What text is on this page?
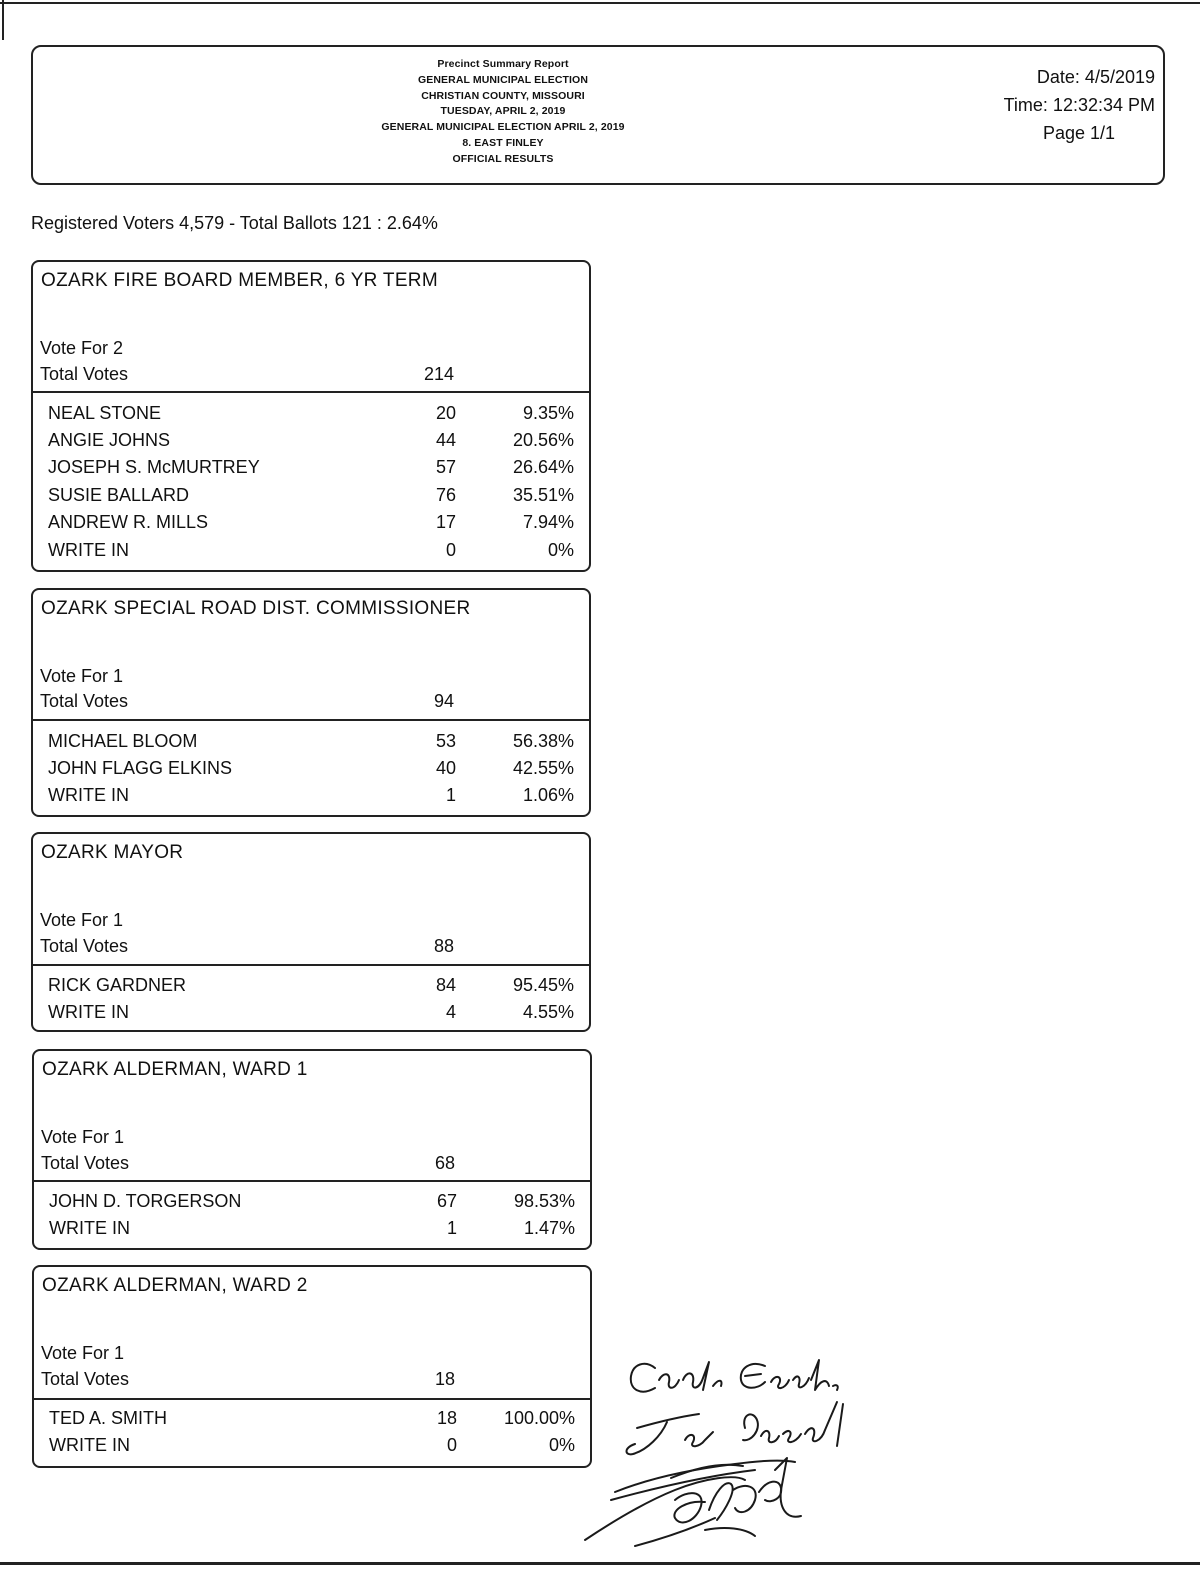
Precinct Summary Report
GENERAL MUNICIPAL ELECTION
CHRISTIAN COUNTY, MISSOURI
TUESDAY, APRIL 2, 2019
GENERAL MUNICIPAL ELECTION APRIL 2, 2019
8. EAST FINLEY
OFFICIAL RESULTS
Date: 4/5/2019
Time: 12:32:34 PM
Page 1/1
Registered Voters 4,579 - Total Ballots 121 : 2.64%
OZARK FIRE BOARD MEMBER, 6 YR TERM
Vote For 2
Total Votes	214
NEAL STONE	20	9.35%
ANGIE JOHNS	44	20.56%
JOSEPH S. McMURTREY	57	26.64%
SUSIE BALLARD	76	35.51%
ANDREW R. MILLS	17	7.94%
WRITE IN	0	0%
OZARK SPECIAL ROAD DIST. COMMISSIONER
Vote For 1
Total Votes	94
MICHAEL BLOOM	53	56.38%
JOHN FLAGG ELKINS	40	42.55%
WRITE IN	1	1.06%
OZARK MAYOR
Vote For 1
Total Votes	88
RICK GARDNER	84	95.45%
WRITE IN	4	4.55%
OZARK ALDERMAN, WARD 1
Vote For 1
Total Votes	68
JOHN D. TORGERSON	67	98.53%
WRITE IN	1	1.47%
OZARK ALDERMAN, WARD 2
Vote For 1
Total Votes	18
TED A. SMITH	18	100.00%
WRITE IN	0	0%
